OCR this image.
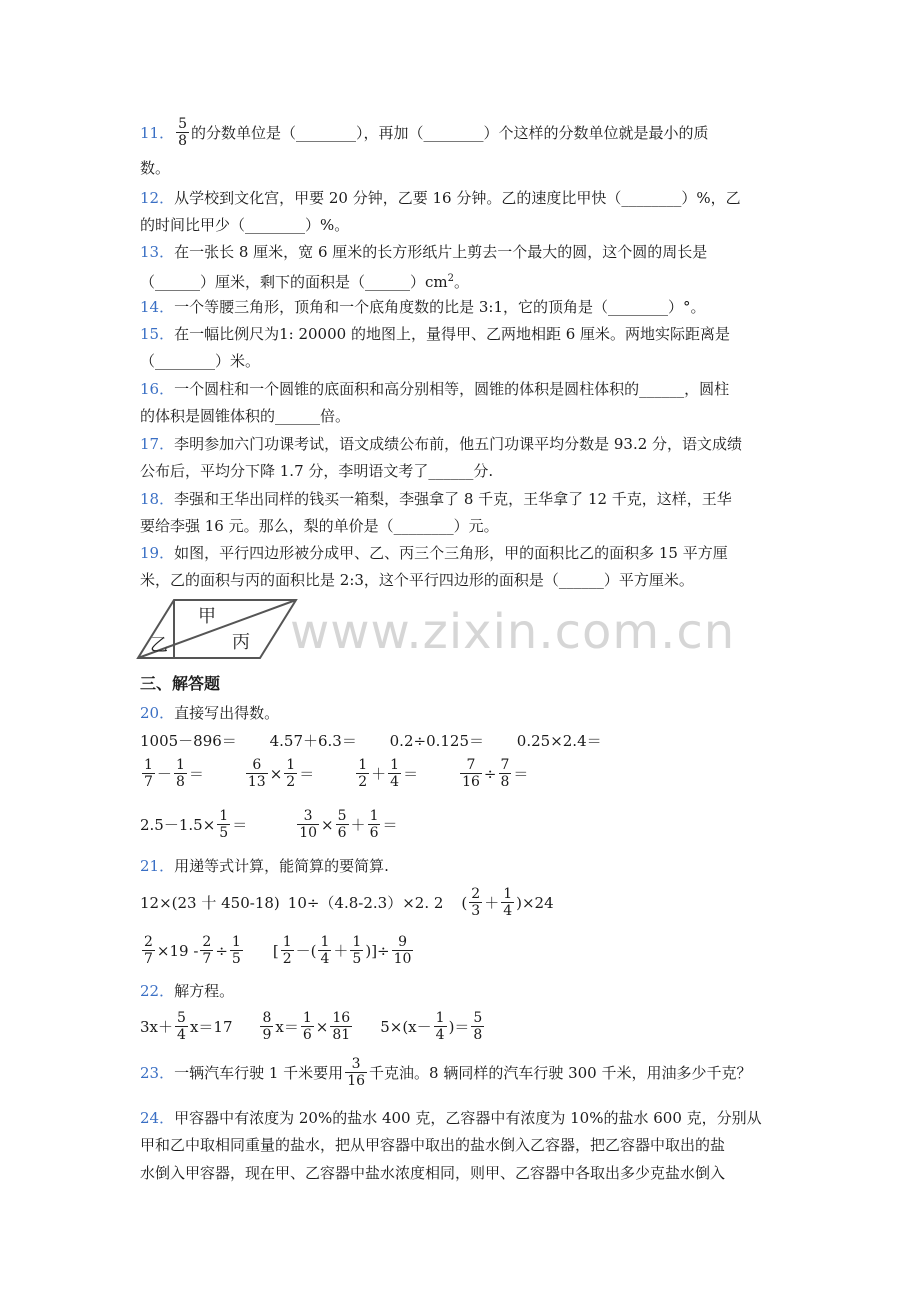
11． $\frac{5}{8}$ 的分数单位是（________），再加（________）个这样的分数单位就是最小的质
数。
12．从学校到文化宫，甲要 20 分钟，乙要 16 分钟。乙的速度比甲快（________）%，乙
的时间比甲少（________）%。
13．在一张长 8 厘米，宽 6 厘米的长方形纸片上剪去一个最大的圆，这个圆的周长是
（______）厘米，剩下的面积是$(\_\_\_\_\_\_)cm^2$。
14．一个等腰三角形，顶角和一个底角度数的比是 3:1，它的顶角是（________）°。
15．在一幅比例尺为1: 20000 的地图上，量得甲、乙两地相距 6 厘米。两地实际距离是
（________）米。
16．一个圆柱和一个圆锥的底面积和高分别相等，圆锥的体积是圆柱体积的______，圆柱
的体积是圆锥体积的______倍。
17．李明参加六门功课考试，语文成绩公布前，他五门功课平均分数是 93.2 分，语文成绩
公布后，平均分下降 1.7 分，李明语文考了______分.
18．李强和王华出同样的钱买一箱梨，李强拿了 8 千克，王华拿了 12 千克，这样，王华
要给李强 16 元。那么，梨的单价是（________）元。
19．如图，平行四边形被分成甲、乙、丙三个三角形，甲的面积比乙的面积多 15 平方厘
米，乙的面积与丙的面积比是 2:3，这个平行四边形的面积是（______）平方厘米。
甲
乙	丙 www.zixin.com.cn
三、解答题
20．直接写出得数。
1005－896＝ 4.57＋6.3＝ 0.2÷0.125＝ 0.25×2.4＝
$\frac{1}{7} - \frac{1}{8}$ ＝	$\frac{6}{13} \times \frac{1}{2}$ ＝	$\frac{1}{2} + \frac{1}{4}$ ＝	$\frac{7}{16} \div \frac{7}{8}$ ＝
$2.5-1.5\times \frac{1}{5}$ ＝	$\frac{3}{10} \times \frac{5}{6} + \frac{1}{6}$ ＝
21．用递等式计算，能简算的要简算.
12×(23 十 450-18) 10÷（4.8-2.3）×2. 2 ( $\frac{2}{3} + \frac{1}{4} )\times 24$
$\frac{2}{7} \times 19 - \frac{2}{7} \div \frac{1}{5}$ [ $\frac{1}{2}$ －( $\frac{1}{4} + \frac{1}{5}$ )]÷ $\frac{9}{10}$
22．解方程。
$3x+ \frac{5}{4} x=17 \frac{8}{9} x= \frac{1}{6} \times \frac{16}{81} 5\times(x- \frac{1}{4}$ )＝ $\frac{5}{8}$
23． 一辆汽车行驶 1 千米要用 $\frac{3}{16}$ 千克油。8 辆同样的汽车行驶 300 千米，用油多少千克？
24．甲容器中有浓度为 20%的盐水 400 克，乙容器中有浓度为 10%的盐水 600 克，分别从
甲和乙中取相同重量的盐水，把从甲容器中取出的盐水倒入乙容器，把乙容器中取出的盐
水倒入甲容器，现在甲、乙容器中盐水浓度相同，则甲、乙容器中各取出多少克盐水倒入
